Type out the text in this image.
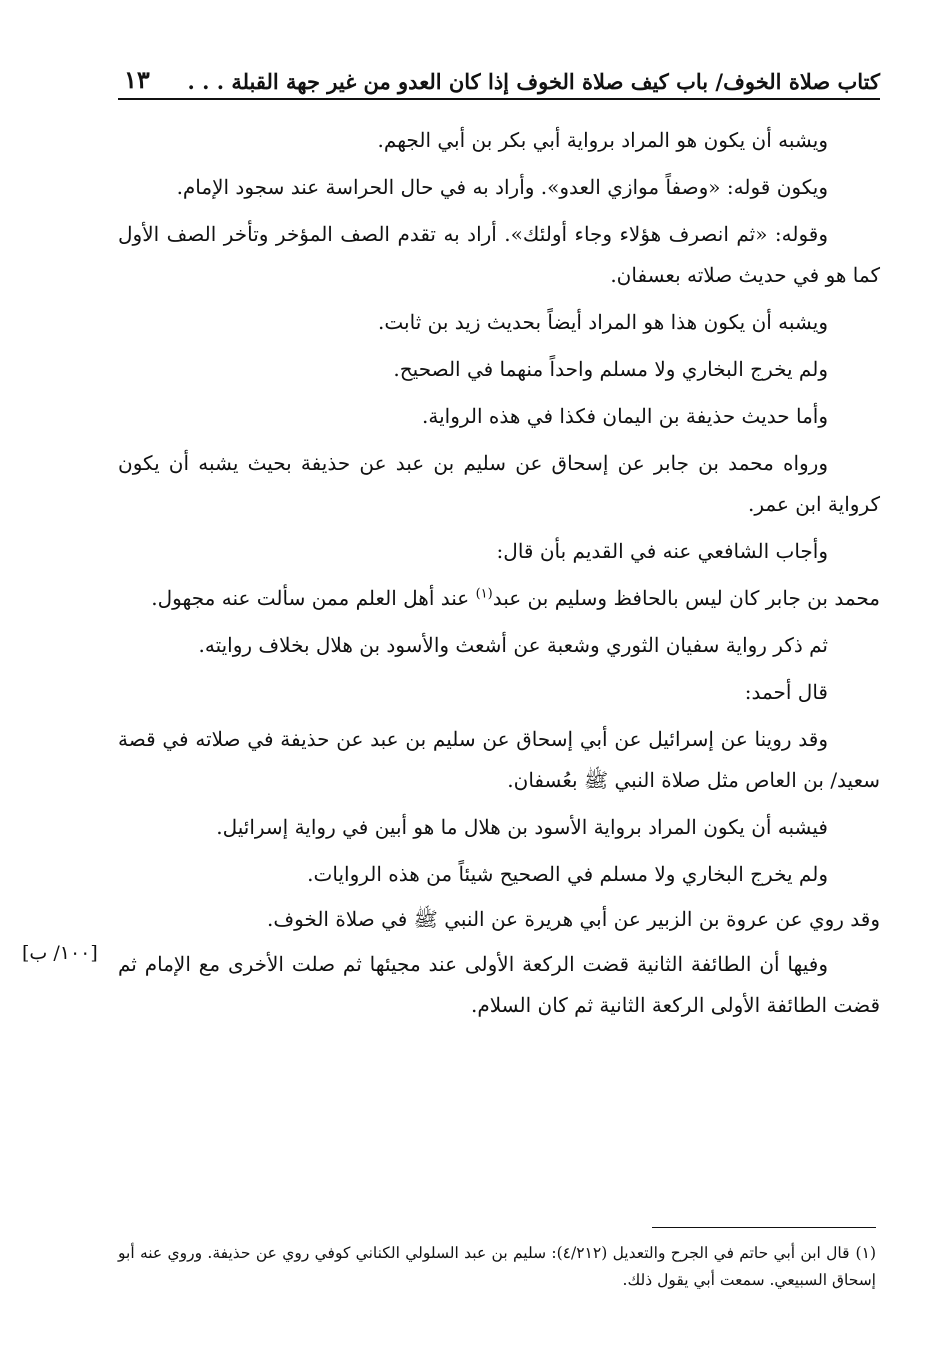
كتاب صلاة الخوف/ باب كيف صلاة الخوف إذا كان العدو من غير جهة القبلة . . .
١٣

ويشبه أن يكون هو المراد برواية أبي بكر بن أبي الجهم.

ويكون قوله: «وصفاً موازي العدو». وأراد به في حال الحراسة عند سجود الإمام.

وقوله: «ثم انصرف هؤلاء وجاء أولئك». أراد به تقدم الصف المؤخر وتأخر الصف الأول كما هو في حديث صلاته بعسفان.

ويشبه أن يكون هذا هو المراد أيضاً بحديث زيد بن ثابت.

ولم يخرج البخاري ولا مسلم واحداً منهما في الصحيح.

وأما حديث حذيفة بن اليمان فكذا في هذه الرواية.

ورواه محمد بن جابر عن إسحاق عن سليم بن عبد عن حذيفة بحيث يشبه أن يكون كرواية ابن عمر.

وأجاب الشافعي عنه في القديم بأن قال:

محمد بن جابر كان ليس بالحافظ وسليم بن عبد$^{(١)}$ عند أهل العلم ممن سألت عنه مجهول.

ثم ذكر رواية سفيان الثوري وشعبة عن أشعث والأسود بن هلال بخلاف روايته.

قال أحمد:

وقد روينا عن إسرائيل عن أبي إسحاق عن سليم بن عبد عن حذيفة في صلاته في قصة سعيد/ بن العاص مثل صلاة النبي ﷺ بعُسفان.

فيشبه أن يكون المراد برواية الأسود بن هلال ما هو أبين في رواية إسرائيل.

ولم يخرج البخاري ولا مسلم في الصحيح شيئاً من هذه الروايات.

وقد روي عن عروة بن الزبير عن أبي هريرة عن النبي ﷺ في صلاة الخوف.

وفيها أن الطائفة الثانية قضت الركعة الأولى عند مجيئها ثم صلت الأخرى مع الإمام ثم قضت الطائفة الأولى الركعة الثانية ثم كان السلام.

[١٠٠/ ب]
(١)قال ابن أبي حاتم في الجرح والتعديل (٤/٢١٢): سليم بن عبد السلولي الكناني كوفي روي عن حذيفة. وروي عنه أبو إسحاق السبيعي. سمعت أبي يقول ذلك.
